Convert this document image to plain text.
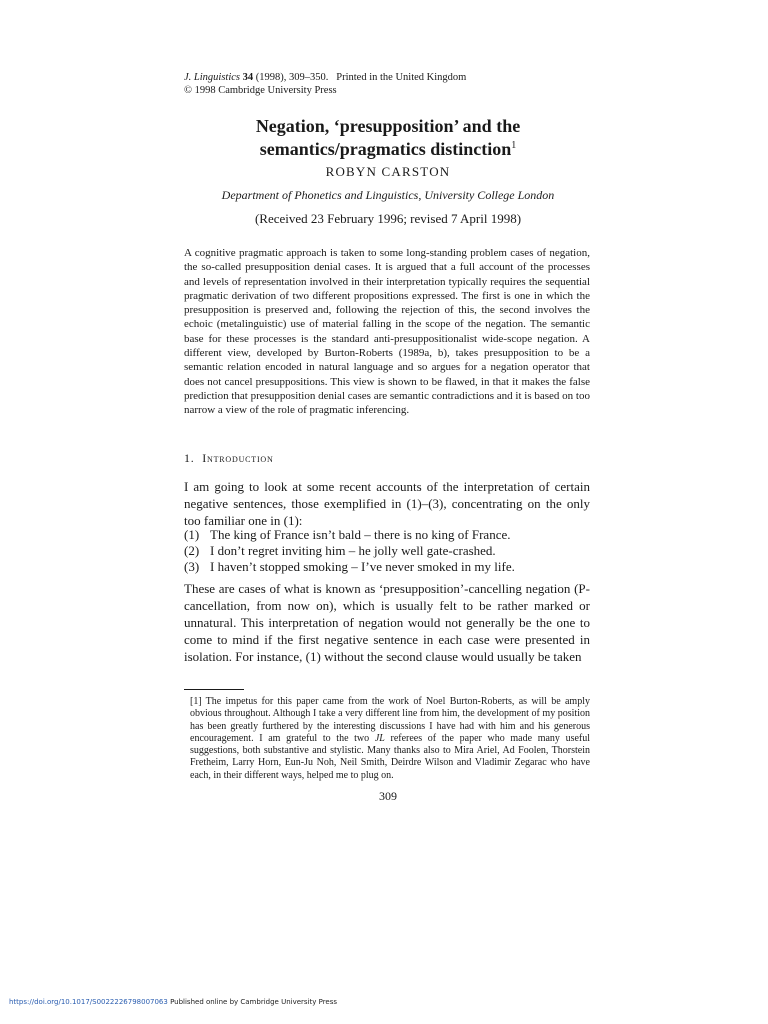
J. Linguistics 34 (1998), 309–350. Printed in the United Kingdom
© 1998 Cambridge University Press
Negation, ‘presupposition’ and the
semantics/pragmatics distinction$^1$
ROBYN CARSTON
Department of Phonetics and Linguistics, University College London
(Received 23 February 1996; revised 7 April 1998)

A cognitive pragmatic approach is taken to some long-standing problem cases of negation, the so-called presupposition denial cases. It is argued that a full account of the processes and levels of representation involved in their interpretation typically requires the sequential pragmatic derivation of two different propositions expressed. The first is one in which the presupposition is preserved and, following the rejection of this, the second involves the echoic (metalinguistic) use of material falling in the scope of the negation. The semantic base for these processes is the standard anti-presuppositionalist wide-scope negation. A different view, developed by Burton-Roberts (1989a, b), takes presupposition to be a semantic relation encoded in natural language and so argues for a negation operator that does not cancel presuppositions. This view is shown to be flawed, in that it makes the false prediction that presupposition denial cases are semantic contradictions and it is based on too narrow a view of the role of pragmatic inferencing.

1. Introduction

I am going to look at some recent accounts of the interpretation of certain negative sentences, those exemplified in (1)–(3), concentrating on the only too familiar one in (1):

(1) The king of France isn’t bald – there is no king of France.
(2) I don’t regret inviting him – he jolly well gate-crashed.
(3) I haven’t stopped smoking – I’ve never smoked in my life.

These are cases of what is known as ‘presupposition’-cancelling negation (P-cancellation, from now on), which is usually felt to be rather marked or unnatural. This interpretation of negation would not generally be the one to come to mind if the first negative sentence in each case were presented in isolation. For instance, (1) without the second clause would usually be taken

[1] The impetus for this paper came from the work of Noel Burton-Roberts, as will be amply obvious throughout. Although I take a very different line from him, the development of my position has been greatly furthered by the interesting discussions I have had with him and his generous encouragement. I am grateful to the two JL referees of the paper who made many useful suggestions, both substantive and stylistic. Many thanks also to Mira Ariel, Ad Foolen, Thorstein Fretheim, Larry Horn, Eun-Ju Noh, Neil Smith, Deirdre Wilson and Vladimir Zegarac who have each, in their different ways, helped me to plug on.

309
https://doi.org/10.1017/S0022226798007063 Published online by Cambridge University Press
